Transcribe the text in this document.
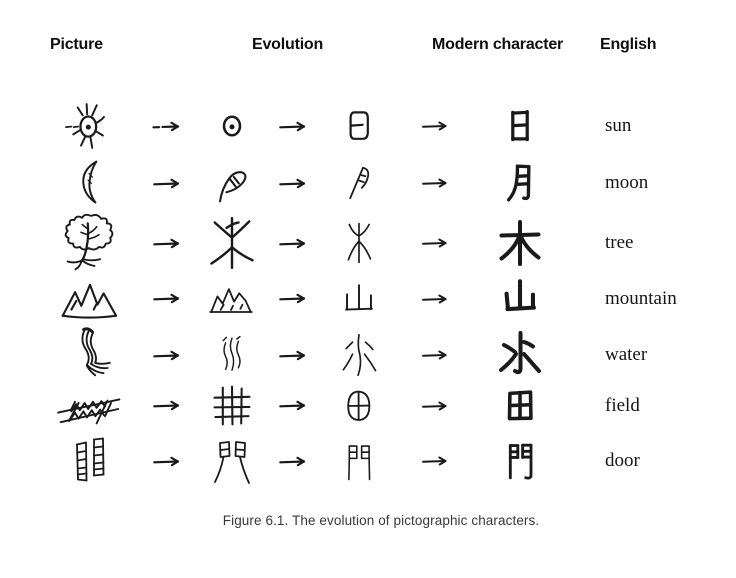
Picture	Evolution	Modern character English
sun
moon
tree
mountain
water
field
door
Figure 6.1. The evolution of pictographic characters.
